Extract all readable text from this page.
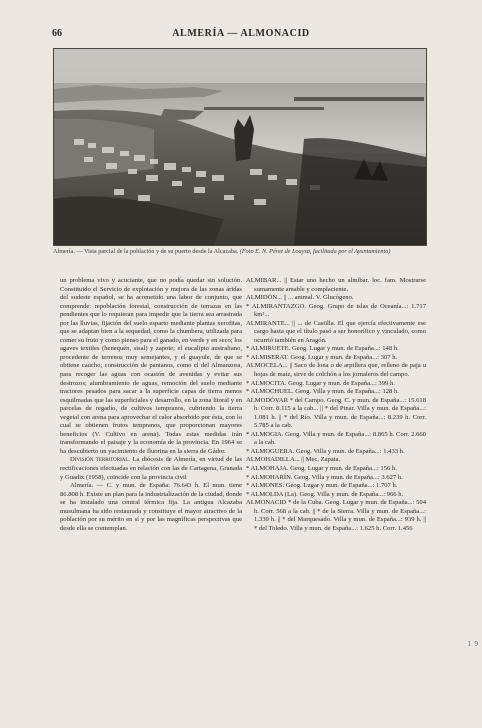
66	ALMERÍA — ALMONACID
Almería. — Vista parcial de la población y de su puerto desde la Alcazaba. (Foto E. N. Pérez de Loaysa, facilitada por el Ayuntamiento)

un problema vivo y acuciante, que no podía quedar sin solución. Constituido el Servicio de explotación y mejora de las zonas áridas del sudeste español, se ha acometido una labor de conjunto, que comprende: repoblación forestal, construcción de terrazas en las pendientes que lo requieran para impedir que la tierra sea arrastrada por las lluvias, fijación del suelo esparto mediante plantas xerofitas, que se adaptan bien a la sequedad, como la chumbera, utilizada para comer su fruto y como pienso para el ganado, en verde y en seco; los agaves textiles (henequén, sisal) y zapote; el eucalipto australiano, procedente de terrenos muy semejantes, y el guayule, de que se obtiene caucho; construcción de pantanos, como el del Almanzora, para recoger las aguas con ocasión de avenidas y evitar sus destrozos; alumbramiento de aguas, remoción del suelo mediante tractores pesados para sacar a la superficie capas de tierra menos esquilmadas que las superficiales y desarrollo, en la zona litoral y en parcelas de regadío, de cultivos tempranos, cubriendo la tierra vegetal con arena para aprovechar el calor absorbido por ésta, con lo cual se obtienen frutos tempranos, que proporcionan mayores beneficios (V. Cultivo en arena). Todas estas medidas irán transformando el paisaje y la economía de la provincia. En 1964 se ha descubierto un yacimiento de fluorina en la sierra de Gádor.

División territorial. La diócesis de Almería, en virtud de las rectificaciones efectuadas en relación con las de Cartagena, Granada y Guadix (1958), coincide con la provincia civil

Almería. — C. y mun. de España: 76.643 h. El mun. tiene 86.808 h. Existe un plan para la industrialización de la ciudad, donde se ha instalado una central térmica fija. La antigua Alcazaba musulmana ha sido restaurada y constituye el mayor atractivo de la población por su mérito en sí y por las magníficas perspectivas que desde ella se contemplan.

ALMIBAR... || Estar uno hecho un almíbar. loc. fam. Mostrarse sumamente amable y complaciente.

ALMIDÓN... || ... animal. V. Glucógeno.

* ALMIRANTAZGO. Geog. Grupo de islas de Oceanía...: 1.717 km²...

ALMIRANTE... || ... de Castilla. El que ejercía efectivamente ese cargo hasta que el título pasó a ser honorífico y vinculado, como ocurrió también en Aragón.

* ALMIRUETE. Geog. Lugar y mun. de España...: 148 h.

* ALMISERAT. Geog. Lugar y mun. de España...: 307 h.

ALMOCELA... || Saco de lona o de arpillera que, relleno de paja u hojas de maíz, sirve de colchón a los jornaleros del campo.

* ALMOCITA. Geog. Lugar y mun. de España...: 399 h.

* ALMOCHUEL. Geog. Villa y mun. de España...: 128 h.

ALMODÓVAR * del Campo. Geog. C. y mun. de España...: 15.618 h. Corr. 8.115 a la cab... || * del Pinar. Villa y mun. de España...: 1.081 h. || * del Río. Villa y mun. de España...: 8.239 h. Corr. 5.785 a la cab.

* ALMOGIA. Geog. Villa y mun. de España...: 8.865 h. Corr. 2.660 a la cab.

* ALMOGUERA. Geog. Villa y mun. de España...: 1.433 h.

ALMOHADILLA... || Mec. Zapata.

* ALMOHAJA. Geog. Lugar y mun. de España...: 156 h.

* ALMOHARÍN. Geog. Villa y mun. de España...: 3.627 h.

* ALMONES. Geog. Lugar y mun. de España...: 1.707 h.

* ALMOLDA (La). Geog. Villa y mun. de España...: 966 h.

ALMONACID * de la Cuba. Geog. Lugar y mun. de España...: 504 h. Corr. 568 a la cab. || * de la Sierra. Villa y mun. de España...: 1.339 h. || * del Marquesado. Villa y mun. de España...: 939 h. || * del Toledo. Villa y mun. de España...: 1.625 h. Corr. 1.456

1  9
